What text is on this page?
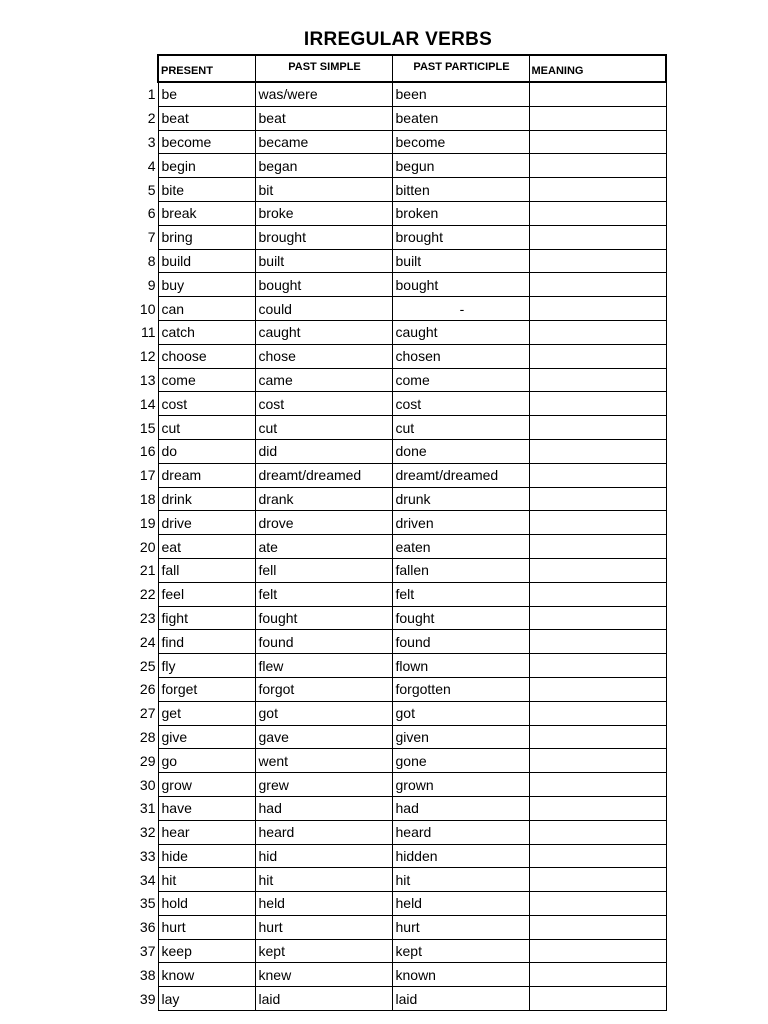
IRREGULAR VERBS
	PRESENT	PAST SIMPLE	PAST PARTICIPLE	MEANING
1	be	was/were	been	
2	beat	beat	beaten	
3	become	became	become	
4	begin	began	begun	
5	bite	bit	bitten	
6	break	broke	broken	
7	bring	brought	brought	
8	build	built	built	
9	buy	bought	bought	
10	can	could	-	
11	catch	caught	caught	
12	choose	chose	chosen	
13	come	came	come	
14	cost	cost	cost	
15	cut	cut	cut	
16	do	did	done	
17	dream	dreamt/dreamed	dreamt/dreamed	
18	drink	drank	drunk	
19	drive	drove	driven	
20	eat	ate	eaten	
21	fall	fell	fallen	
22	feel	felt	felt	
23	fight	fought	fought	
24	find	found	found	
25	fly	flew	flown	
26	forget	forgot	forgotten	
27	get	got	got	
28	give	gave	given	
29	go	went	gone	
30	grow	grew	grown	
31	have	had	had	
32	hear	heard	heard	
33	hide	hid	hidden	
34	hit	hit	hit	
35	hold	held	held	
36	hurt	hurt	hurt	
37	keep	kept	kept	
38	know	knew	known	
39	lay	laid	laid	
